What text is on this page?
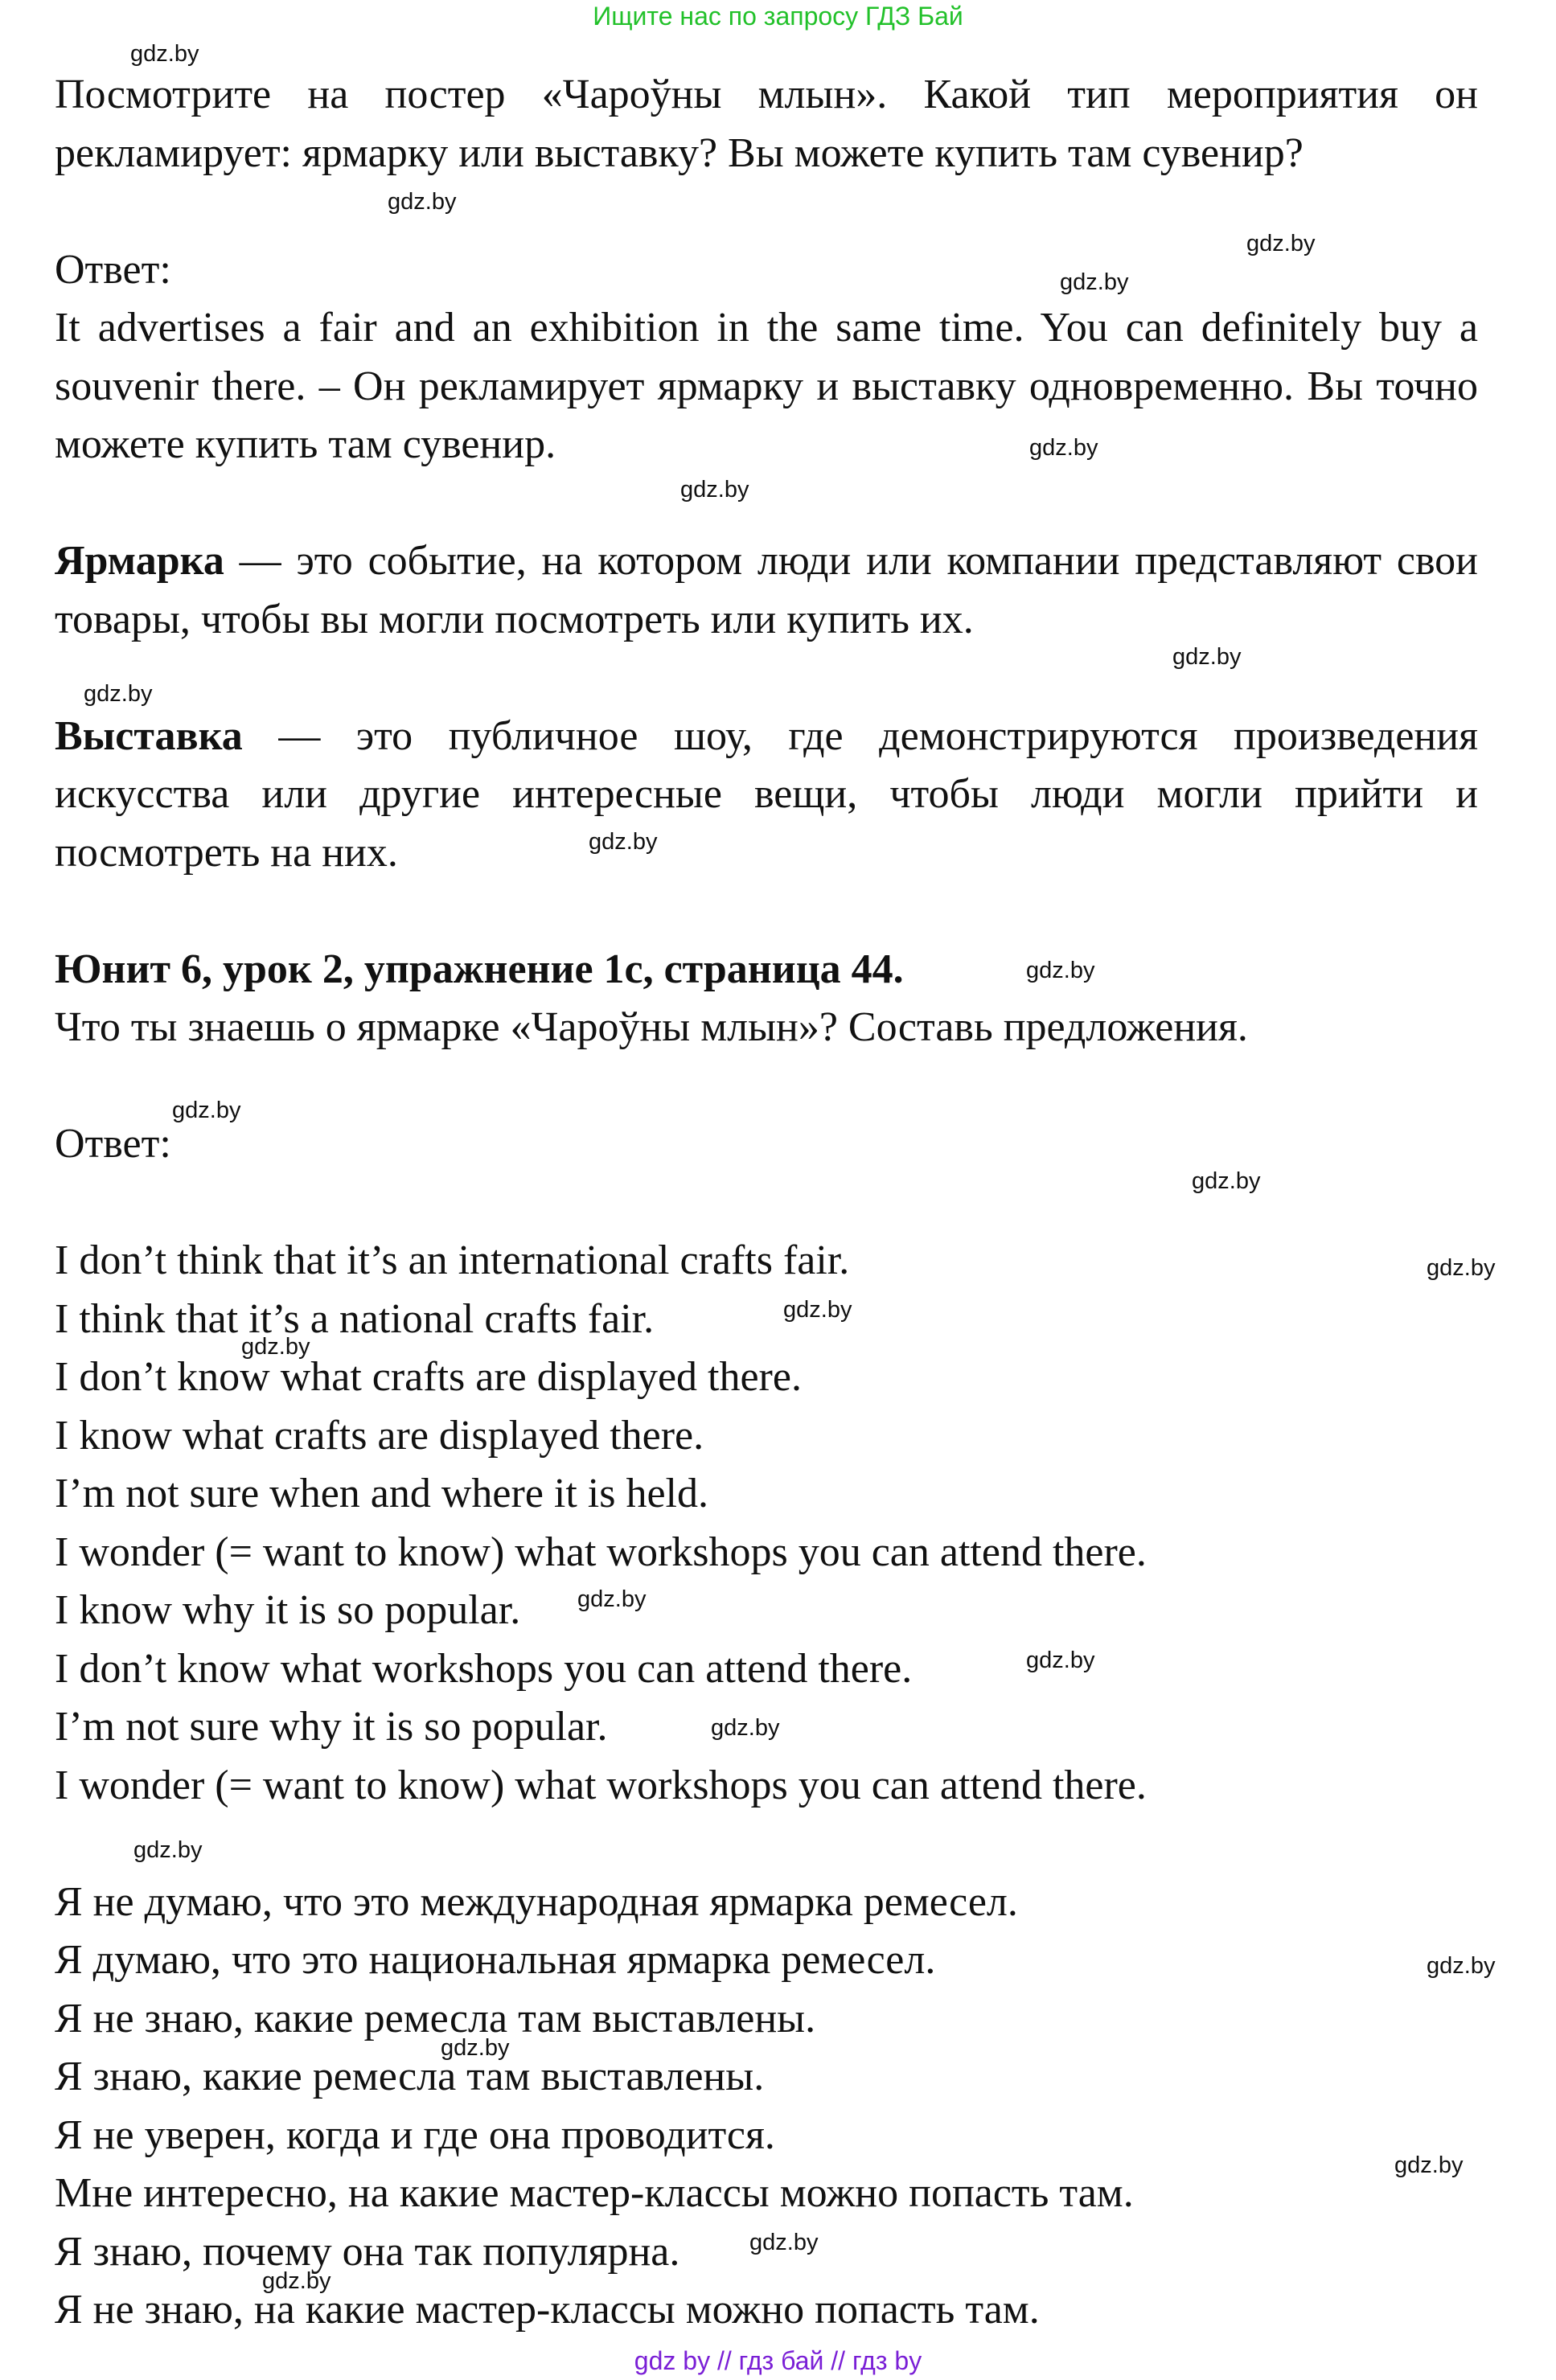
Ищите нас по запросу ГДЗ Бай

Посмотрите на постер «Чароўны млын». Какой тип мероприятия он рекламирует: ярмарку или выставку? Вы можете купить там сувенир?

Ответ:

It advertises a fair and an exhibition in the same time. You can definitely buy a souvenir there. – Он рекламирует ярмарку и выставку одновременно. Вы точно можете купить там сувенир.

Ярмарка — это событие, на котором люди или компании представляют свои товары, чтобы вы могли посмотреть или купить их.

Выставка — это публичное шоу, где демонстрируются произведения искусства или другие интересные вещи, чтобы люди могли прийти и посмотреть на них.

Юнит 6, урок 2, упражнение 1c, страница 44.

Что ты знаешь о ярмарке «Чароўны млын»? Составь предложения.

Ответ:

I don’t think that it’s an international crafts fair.

I think that it’s a national crafts fair.

I don’t know what crafts are displayed there.

I know what crafts are displayed there.

I’m not sure when and where it is held.

I wonder (= want to know) what workshops you can attend there.

I know why it is so popular.

I don’t know what workshops you can attend there.

I’m not sure why it is so popular.

I wonder (= want to know) what workshops you can attend there.

Я не думаю, что это международная ярмарка ремесел.

Я думаю, что это национальная ярмарка ремесел.

Я не знаю, какие ремесла там выставлены.

Я знаю, какие ремесла там выставлены.

Я не уверен, когда и где она проводится.

Мне интересно, на какие мастер-классы можно попасть там.

Я знаю, почему она так популярна.

Я не знаю, на какие мастер-классы можно попасть там.

gdz.by
gdz.by
gdz.by
gdz.by
gdz.by
gdz.by
gdz.by
gdz.by
gdz.by
gdz.by
gdz.by
gdz.by
gdz.by
gdz.by
gdz.by
gdz.by
gdz.by
gdz.by
gdz.by
gdz.by
gdz.by
gdz.by
gdz.by
gdz.by
gdz by // гдз бай // гдз by
